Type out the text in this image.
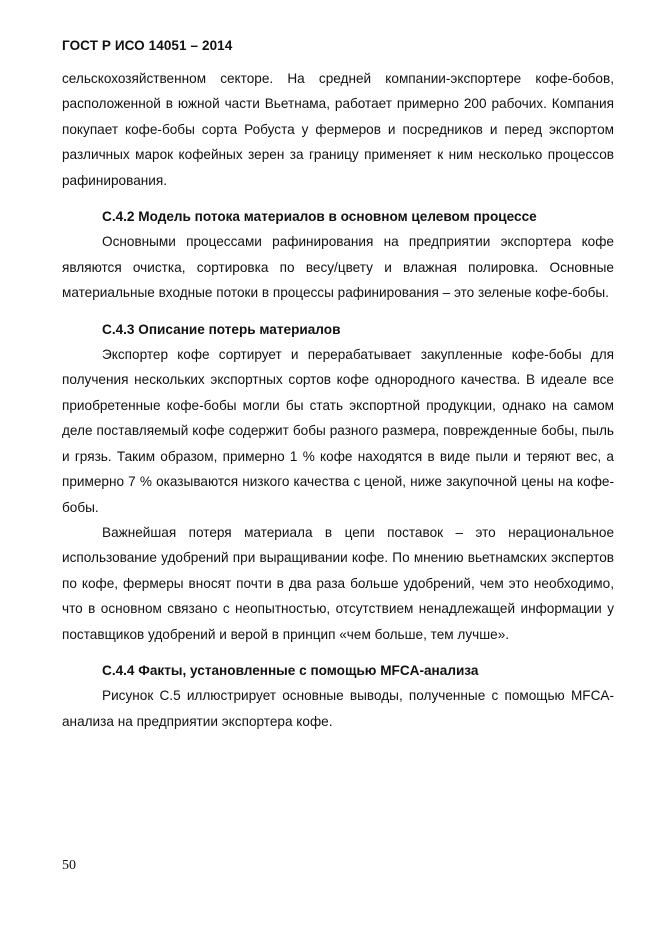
ГОСТ Р ИСО 14051 – 2014

сельскохозяйственном секторе. На средней компании-экспортере кофе-бобов, расположенной в южной части Вьетнама, работает примерно 200 рабочих. Компания покупает кофе-бобы сорта Робуста у фермеров и посредников и перед экспортом различных марок кофейных зерен за границу применяет к ним несколько процессов рафинирования.

С.4.2 Модель потока материалов в основном целевом процессе

Основными процессами рафинирования на предприятии экспортера кофе являются очистка, сортировка по весу/цвету и влажная полировка. Основные материальные входные потоки в процессы рафинирования – это зеленые кофе-бобы.

С.4.3 Описание потерь материалов

Экспортер кофе сортирует и перерабатывает закупленные кофе-бобы для получения нескольких экспортных сортов кофе однородного качества. В идеале все приобретенные кофе-бобы могли бы стать экспортной продукции, однако на самом деле поставляемый кофе содержит бобы разного размера, поврежденные бобы, пыль и грязь. Таким образом, примерно 1 % кофе находятся в виде пыли и теряют вес, а примерно 7 % оказываются низкого качества с ценой, ниже закупочной цены на кофе-бобы.

Важнейшая потеря материала в цепи поставок – это нерациональное использование удобрений при выращивании кофе. По мнению вьетнамских экспертов по кофе, фермеры вносят почти в два раза больше удобрений, чем это необходимо, что в основном связано с неопытностью, отсутствием ненадлежащей информации у поставщиков удобрений и верой в принцип «чем больше, тем лучше».

С.4.4 Факты, установленные с помощью MFCA-анализа

Рисунок С.5 иллюстрирует основные выводы, полученные с помощью MFCA-анализа на предприятии экспортера кофе.

50
